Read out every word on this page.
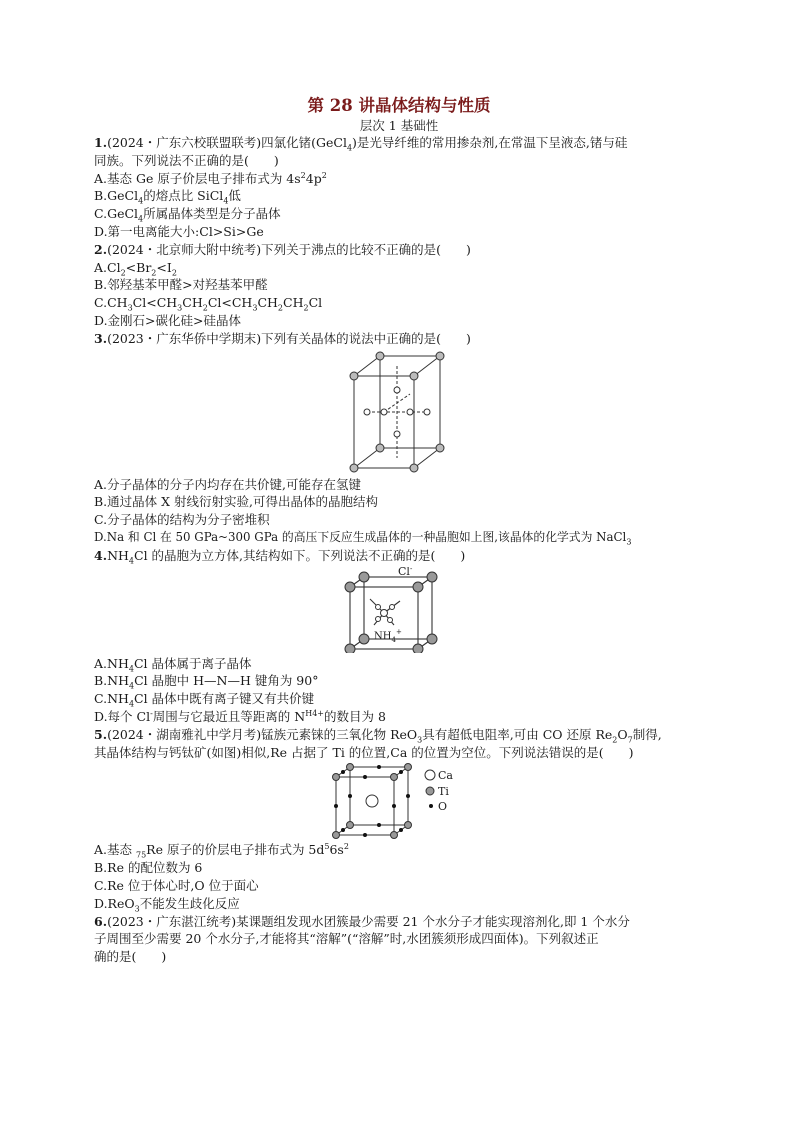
第 28 讲晶体结构与性质
层次 1 基础性
1.(2024・广东六校联盟联考)四氯化锗(GeCl$_4$)是光导纤维的常用掺杂剂,在常温下呈液态,锗与硅
同族。下列说法不正确的是(　　)
A.基态 Ge 原子价层电子排布式为 $4s^24p^2$
B.GeCl$_4$的熔点比 SiCl$_4$低
C.GeCl$_4$所属晶体类型是分子晶体
D.第一电离能大小:Cl>Si>Ge
2.(2024・北京师大附中统考)下列关于沸点的比较不正确的是(　　)
$A.Cl_2<Br_2<I_2$
B.邻羟基苯甲醛>对羟基苯甲醛
$C.CH_3Cl<CH_3CH_2Cl<CH_3CH_2CH_2Cl$
D.金刚石>碳化硅>硅晶体
3.(2023・广东华侨中学期末)下列有关晶体的说法中正确的是(　　)
A.分子晶体的分子内均存在共价键,可能存在氢键
B.通过晶体 X 射线衍射实验,可得出晶体的晶胞结构
C.分子晶体的结构为分子密堆积
D.Na 和 Cl 在 50 GPa~300 GPa 的高压下反应生成晶体的一种晶胞如上图,该晶体的化学式为 NaCl$_3$
$4.NH_4Cl$ 的晶胞为立方体,其结构如下。下列说法不正确的是(　　)
Cl-
$NH_4^+$
$A.NH_4Cl$ 晶体属于离子晶体
$B.NH_4Cl$ 晶胞中 H—N—H 键角为 90°
$C.NH_4Cl$ 晶体中既有离子键又有共价键
D.每个 Cl-周围与它最近且等距离的 $N^{H4+}$的数目为 8
5.(2024・湖南雅礼中学月考)锰族元素铼的三氧化物 ReO$_3$具有超低电阻率,可由 CO 还原 $Re_2O_7$制得,
其晶体结构与钙钛矿(如图)相似,Re 占据了 Ti 的位置,Ca 的位置为空位。下列说法错误的是(　　)
Ca
Ti
O
A.基态 $_{75}$Re 原子的价层电子排布式为 $5d^56s^2$
B.Re 的配位数为 6
C.Re 位于体心时,O 位于面心
D.ReO$_3$不能发生歧化反应
6.(2023・广东湛江统考)某课题组发现水团簇最少需要 21 个水分子才能实现溶剂化,即 1 个水分
子周围至少需要 20 个水分子,才能将其“溶解”(“溶解”时,水团簇须形成四面体)。下列叙述正
确的是(　　)
